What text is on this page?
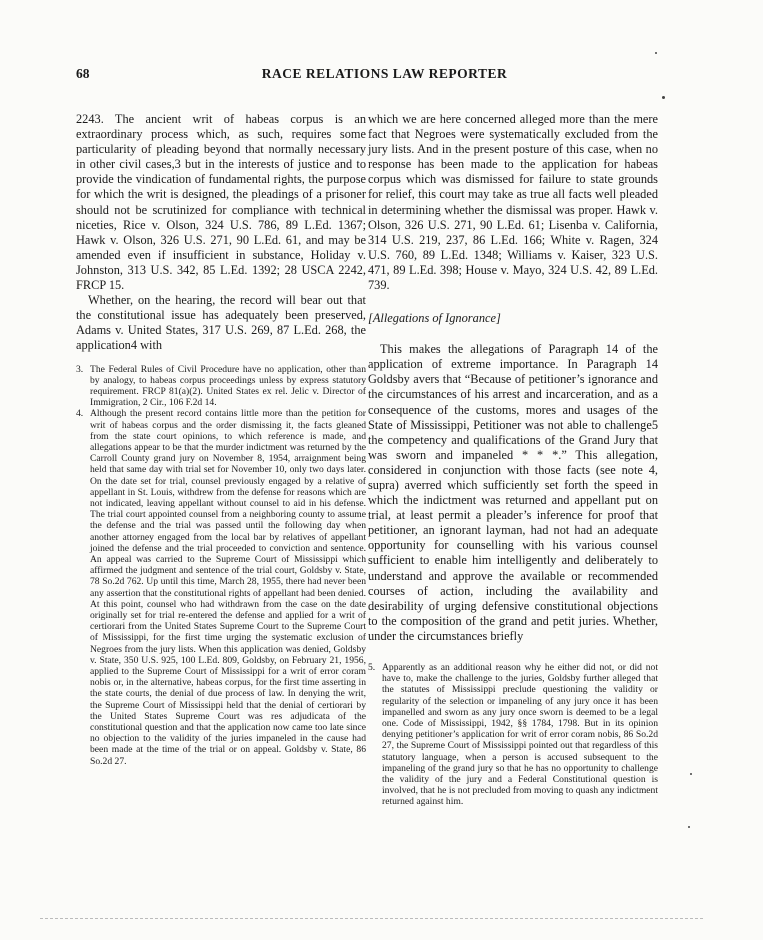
68	RACE RELATIONS LAW REPORTER

2243. The ancient writ of habeas corpus is an extraordinary process which, as such, requires some particularity of pleading beyond that normally necessary in other civil cases,3 but in the interests of justice and to provide the vindication of fundamental rights, the purpose for which the writ is designed, the pleadings of a prisoner should not be scrutinized for compliance with technical niceties, Rice v. Olson, 324 U.S. 786, 89 L.Ed. 1367; Hawk v. Olson, 326 U.S. 271, 90 L.Ed. 61, and may be amended even if insufficient in substance, Holiday v. Johnston, 313 U.S. 342, 85 L.Ed. 1392; 28 USCA 2242, FRCP 15.

Whether, on the hearing, the record will bear out that the constitutional issue has adequately been preserved, Adams v. United States, 317 U.S. 269, 87 L.Ed. 268, the application4 with

3. The Federal Rules of Civil Procedure have no application, other than by analogy, to habeas corpus proceedings unless by express statutory requirement. FRCP 81(a)(2). United States ex rel. Jelic v. Director of Immigration, 2 Cir., 106 F.2d 14.
4. Although the present record contains little more than the petition for writ of habeas corpus and the order dismissing it, the facts gleaned from the state court opinions, to which reference is made, and allegations appear to be that the murder indictment was returned by the Carroll County grand jury on November 8, 1954, arraignment being held that same day with trial set for November 10, only two days later. On the date set for trial, counsel previously engaged by a relative of appellant in St. Louis, withdrew from the defense for reasons which are not indicated, leaving appellant without counsel to aid in his defense. The trial court appointed counsel from a neighboring county to assume the defense and the trial was passed until the following day when another attorney engaged from the local bar by relatives of appellant joined the defense and the trial proceeded to conviction and sentence. An appeal was carried to the Supreme Court of Mississippi which affirmed the judgment and sentence of the trial court, Goldsby v. State, 78 So.2d 762. Up until this time, March 28, 1955, there had never been any assertion that the constitutional rights of appellant had been denied. At this point, counsel who had withdrawn from the case on the date originally set for trial re-entered the defense and applied for a writ of certiorari from the United States Supreme Court to the Supreme Court of Mississippi, for the first time urging the systematic exclusion of Negroes from the jury lists. When this application was denied, Goldsby v. State, 350 U.S. 925, 100 L.Ed. 809, Goldsby, on February 21, 1956, applied to the Supreme Court of Mississippi for a writ of error coram nobis or, in the alternative, habeas corpus, for the first time asserting in the state courts, the denial of due process of law. In denying the writ, the Supreme Court of Mississippi held that the denial of certiorari by the United States Supreme Court was res adjudicata of the constitutional question and that the application now came too late since no objection to the validity of the juries impaneled in the cause had been made at the time of the trial or on appeal. Goldsby v. State, 86 So.2d 27.

which we are here concerned alleged more than the mere fact that Negroes were systematically excluded from the jury lists. And in the present posture of this case, when no response has been made to the application for habeas corpus which was dismissed for failure to state grounds for relief, this court may take as true all facts well pleaded in determining whether the dismissal was proper. Hawk v. Olson, 326 U.S. 271, 90 L.Ed. 61; Lisenba v. California, 314 U.S. 219, 237, 86 L.Ed. 166; White v. Ragen, 324 U.S. 760, 89 L.Ed. 1348; Williams v. Kaiser, 323 U.S. 471, 89 L.Ed. 398; House v. Mayo, 324 U.S. 42, 89 L.Ed. 739.

[Allegations of Ignorance]

This makes the allegations of Paragraph 14 of the application of extreme importance. In Paragraph 14 Goldsby avers that “Because of petitioner’s ignorance and the circumstances of his arrest and incarceration, and as a consequence of the customs, mores and usages of the State of Mississippi, Petitioner was not able to challenge5 the competency and qualifications of the Grand Jury that was sworn and impaneled * * *.” This allegation, considered in conjunction with those facts (see note 4, supra) averred which sufficiently set forth the speed in which the indictment was returned and appellant put on trial, at least permit a pleader’s inference for proof that petitioner, an ignorant layman, had not had an adequate opportunity for counselling with his various counsel sufficient to enable him intelligently and deliberately to understand and approve the available or recommended courses of action, including the availability and desirability of urging defensive constitutional objections to the composition of the grand and petit juries. Whether, under the circumstances briefly

5. Apparently as an additional reason why he either did not, or did not have to, make the challenge to the juries, Goldsby further alleged that the statutes of Mississippi preclude questioning the validity or regularity of the selection or impaneling of any jury once it has been impanelled and sworn as any jury once sworn is deemed to be a legal one. Code of Mississippi, 1942, §§ 1784, 1798. But in its opinion denying petitioner’s application for writ of error coram nobis, 86 So.2d 27, the Supreme Court of Mississippi pointed out that regardless of this statutory language, when a person is accused subsequent to the impaneling of the grand jury so that he has no opportunity to challenge the validity of the jury and a Federal Constitutional question is involved, that he is not precluded from moving to quash any indictment returned against him.
